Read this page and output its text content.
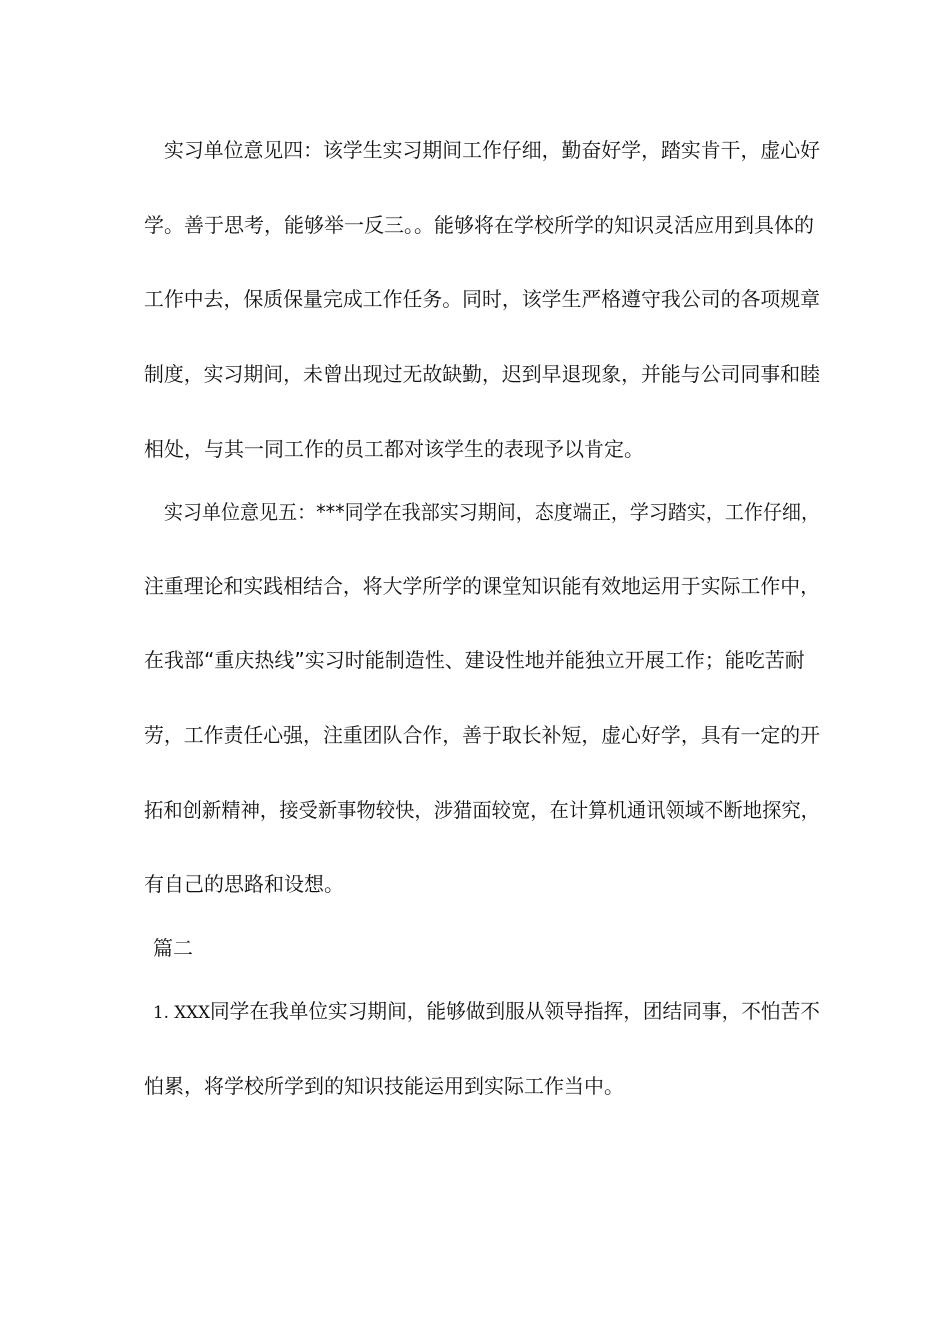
实习单位意见四：该学生实习期间工作仔细，勤奋好学，踏实肯干，虚心好
学。善于思考，能够举一反三。。能够将在学校所学的知识灵活应用到具体的
工作中去，保质保量完成工作任务。同时，该学生严格遵守我公司的各项规章
制度，实习期间，未曾出现过无故缺勤，迟到早退现象，并能与公司同事和睦
相处，与其一同工作的员工都对该学生的表现予以肯定。
实习单位意见五：***同学在我部实习期间，态度端正，学习踏实，工作仔细，
注重理论和实践相结合，将大学所学的课堂知识能有效地运用于实际工作中，
在我部“重庆热线”实习时能制造性、建设性地并能独立开展工作；能吃苦耐
劳，工作责任心强，注重团队合作，善于取长补短，虚心好学，具有一定的开
拓和创新精神，接受新事物较快，涉猎面较宽，在计算机通讯领域不断地探究，
有自己的思路和设想。
篇二
1. XXX同学在我单位实习期间，能够做到服从领导指挥，团结同事，不怕苦不
怕累，将学校所学到的知识技能运用到实际工作当中。
